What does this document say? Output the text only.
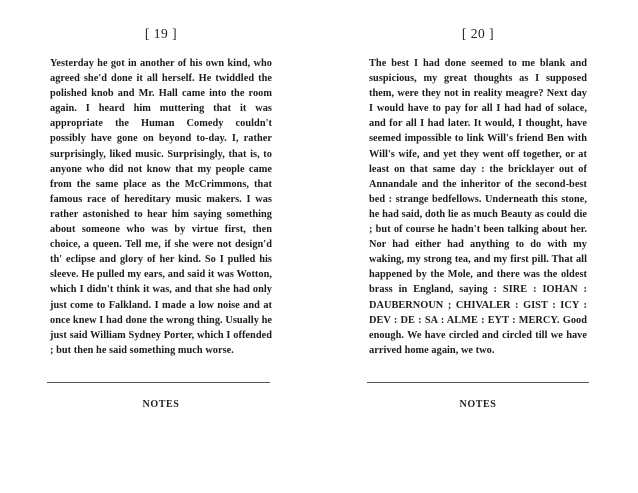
[ 19 ]

Yesterday he got in another of his own kind, who agreed she'd done it all herself. He twiddled the polished knob and Mr. Hall came into the room again. I heard him muttering that it was appropriate the Human Comedy couldn't possibly have gone on beyond to-day. I, rather surprisingly, liked music. Surprisingly, that is, to anyone who did not know that my people came from the same place as the McCrimmons, that famous race of hereditary music makers. I was rather astonished to hear him saying something about someone who was by virtue first, then choice, a queen. Tell me, if she were not design'd th' eclipse and glory of her kind. So I pulled his sleeve. He pulled my ears, and said it was Wotton, which I didn't think it was, and that she had only just come to Falkland. I made a low noise and at once knew I had done the wrong thing. Usually he just said William Sydney Porter, which I offended ; but then he said something much worse.

NOTES
[ 20 ]

The best I had done seemed to me blank and suspicious, my great thoughts as I supposed them, were they not in reality meagre? Next day I would have to pay for all I had had of solace, and for all I had later. It would, I thought, have seemed impossible to link Will's friend Ben with Will's wife, and yet they went off together, or at least on that same day : the bricklayer out of Annandale and the inheritor of the second-best bed : strange bedfellows. Underneath this stone, he had said, doth lie as much Beauty as could die ; but of course he hadn't been talking about her. Nor had either had anything to do with my waking, my strong tea, and my first pill. That all happened by the Mole, and there was the oldest brass in England, saying : SIRE : IOHAN : DAUBERNOUN ; CHIVALER : GIST : ICY : DEV : DE : SA : ALME : EYT : MERCY. Good enough. We have circled and circled till we have arrived home again, we two.

NOTES
